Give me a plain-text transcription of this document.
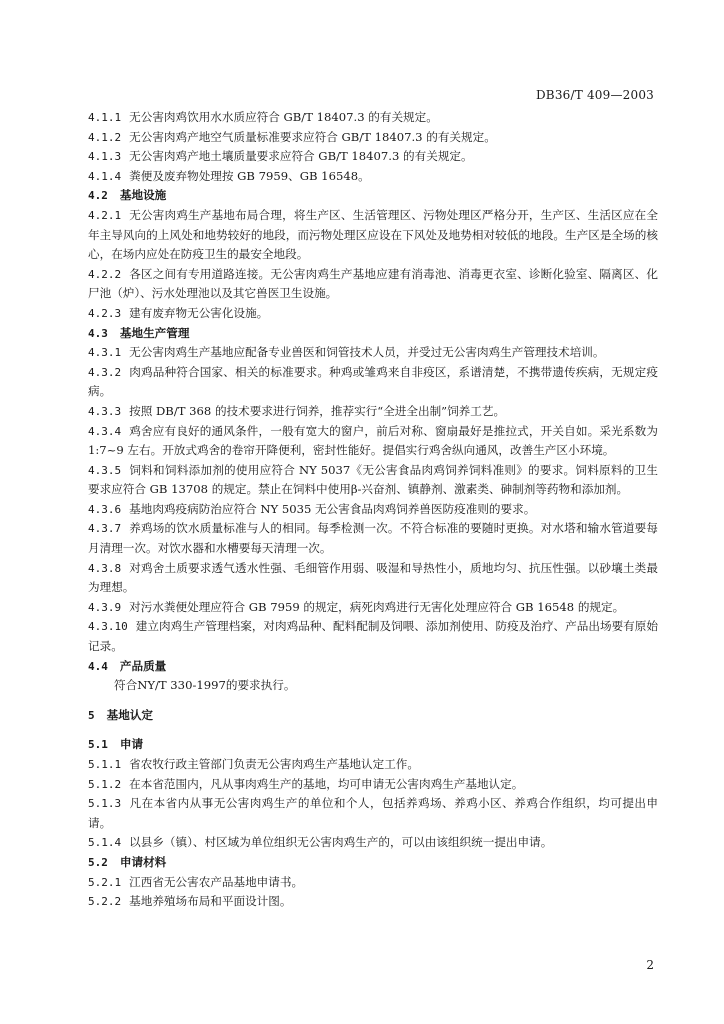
DB36/T 409—2003
4.1.1 无公害肉鸡饮用水水质应符合 GB/T 18407.3 的有关规定。
4.1.2 无公害肉鸡产地空气质量标准要求应符合 GB/T 18407.3 的有关规定。
4.1.3 无公害肉鸡产地土壤质量要求应符合 GB/T 18407.3 的有关规定。
4.1.4 粪便及废弃物处理按 GB 7959、GB 16548。
4.2 基地设施
4.2.1 无公害肉鸡生产基地布局合理，将生产区、生活管理区、污物处理区严格分开，生产区、生活区应在全年主导风向的上风处和地势较好的地段，而污物处理区应设在下风处及地势相对较低的地段。生产区是全场的核心，在场内应处在防疫卫生的最安全地段。
4.2.2 各区之间有专用道路连接。无公害肉鸡生产基地应建有消毒池、消毒更衣室、诊断化验室、隔离区、化尸池（炉）、污水处理池以及其它兽医卫生设施。
4.2.3 建有废弃物无公害化设施。
4.3 基地生产管理
4.3.1 无公害肉鸡生产基地应配备专业兽医和饲管技术人员，并受过无公害肉鸡生产管理技术培训。
4.3.2 肉鸡品种符合国家、相关的标准要求。种鸡或雏鸡来自非疫区，系谱清楚，不携带遗传疾病，无规定疫病。
4.3.3 按照 DB/T 368 的技术要求进行饲养，推荐实行“全进全出制”饲养工艺。
4.3.4 鸡舍应有良好的通风条件，一般有宽大的窗户，前后对称、窗扇最好是推拉式，开关自如。采光系数为 1:7~9 左右。开放式鸡舍的卷帘开降便利，密封性能好。提倡实行鸡舍纵向通风，改善生产区小环境。
4.3.5 饲料和饲料添加剂的使用应符合 NY 5037《无公害食品肉鸡饲养饲料准则》的要求。饲料原料的卫生要求应符合 GB 13708 的规定。禁止在饲料中使用β-兴奋剂、镇静剂、激素类、砷制剂等药物和添加剂。
4.3.6 基地肉鸡疫病防治应符合 NY 5035 无公害食品肉鸡饲养兽医防疫准则的要求。
4.3.7 养鸡场的饮水质量标准与人的相同。每季检测一次。不符合标准的要随时更换。对水塔和输水管道要每月清理一次。对饮水器和水槽要每天清理一次。
4.3.8 对鸡舍土质要求透气透水性强、毛细管作用弱、吸湿和导热性小，质地均匀、抗压性强。以砂壤土类最为理想。
4.3.9 对污水粪便处理应符合 GB 7959 的规定，病死肉鸡进行无害化处理应符合 GB 16548 的规定。
4.3.10 建立肉鸡生产管理档案，对肉鸡品种、配料配制及饲喂、添加剂使用、防疫及治疗、产品出场要有原始记录。
4.4 产品质量
符合NY/T 330-1997的要求执行。
5 基地认定
5.1 申请
5.1.1 省农牧行政主管部门负责无公害肉鸡生产基地认定工作。
5.1.2 在本省范围内，凡从事肉鸡生产的基地，均可申请无公害肉鸡生产基地认定。
5.1.3 凡在本省内从事无公害肉鸡生产的单位和个人，包括养鸡场、养鸡小区、养鸡合作组织，均可提出申请。
5.1.4 以县乡（镇）、村区域为单位组织无公害肉鸡生产的，可以由该组织统一提出申请。
5.2 申请材料
5.2.1 江西省无公害农产品基地申请书。
5.2.2 基地养殖场布局和平面设计图。
2
